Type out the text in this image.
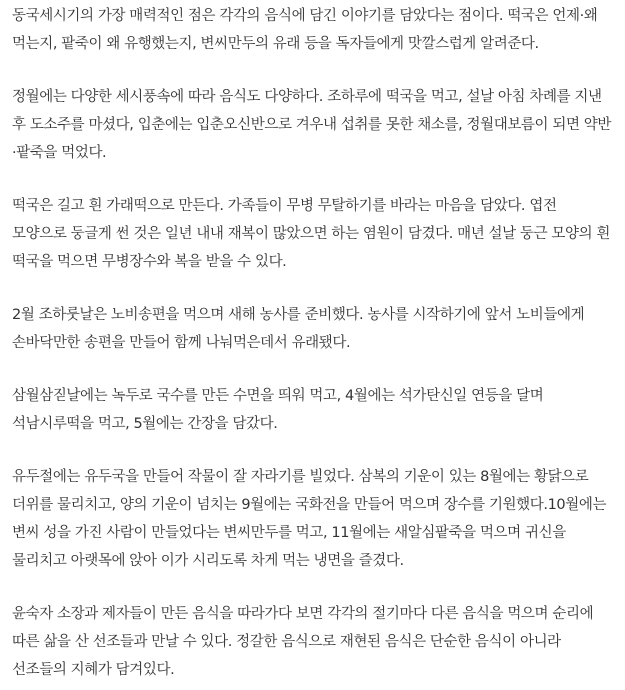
동국세시기의 가장 매력적인 점은 각각의 음식에 담긴 이야기를 담았다는 점이다. 떡국은 언제·왜 먹는지, 팥죽이 왜 유행했는지, 변씨만두의 유래 등을 독자들에게 맛깔스럽게 알려준다.

정월에는 다양한 세시풍속에 따라 음식도 다양하다. 조하루에 떡국을 먹고, 설날 아침 차례를 지낸 후 도소주를 마셨다, 입춘에는 입춘오신반으로 겨우내 섭취를 못한 채소를, 정월대보름이 되면 약반·팥죽을 먹었다.

떡국은 길고 흰 가래떡으로 만든다. 가족들이 무병 무탈하기를 바라는 마음을 담았다. 엽전 모양으로 둥글게 썬 것은 일년 내내 재복이 많았으면 하는 염원이 담겼다. 매년 설날 둥근 모양의 흰 떡국을 먹으면 무병장수와 복을 받을 수 있다.

2월 조하룻날은 노비송편을 먹으며 새해 농사를 준비했다. 농사를 시작하기에 앞서 노비들에게 손바닥만한 송편을 만들어 함께 나눠먹은데서 유래됐다.

삼월삼짇날에는 녹두로 국수를 만든 수면을 띄워 먹고, 4월에는 석가탄신일 연등을 달며 석남시루떡을 먹고, 5월에는 간장을 담갔다.

유두절에는 유두국을 만들어 작물이 잘 자라기를 빌었다. 삼복의 기운이 있는 8월에는 황닭으로 더위를 물리치고, 양의 기운이 넘치는 9월에는 국화전을 만들어 먹으며 장수를 기원했다.10월에는 변씨 성을 가진 사람이 만들었다는 변씨만두를 먹고, 11월에는 새알심팥죽을 먹으며 귀신을 물리치고 아랫목에 앉아 이가 시리도록 차게 먹는 냉면을 즐겼다.

윤숙자 소장과 제자들이 만든 음식을 따라가다 보면 각각의 절기마다 다른 음식을 먹으며 순리에 따른 삶을 산 선조들과 만날 수 있다. 정갈한 음식으로 재현된 음식은 단순한 음식이 아니라 선조들의 지혜가 담겨있다.
